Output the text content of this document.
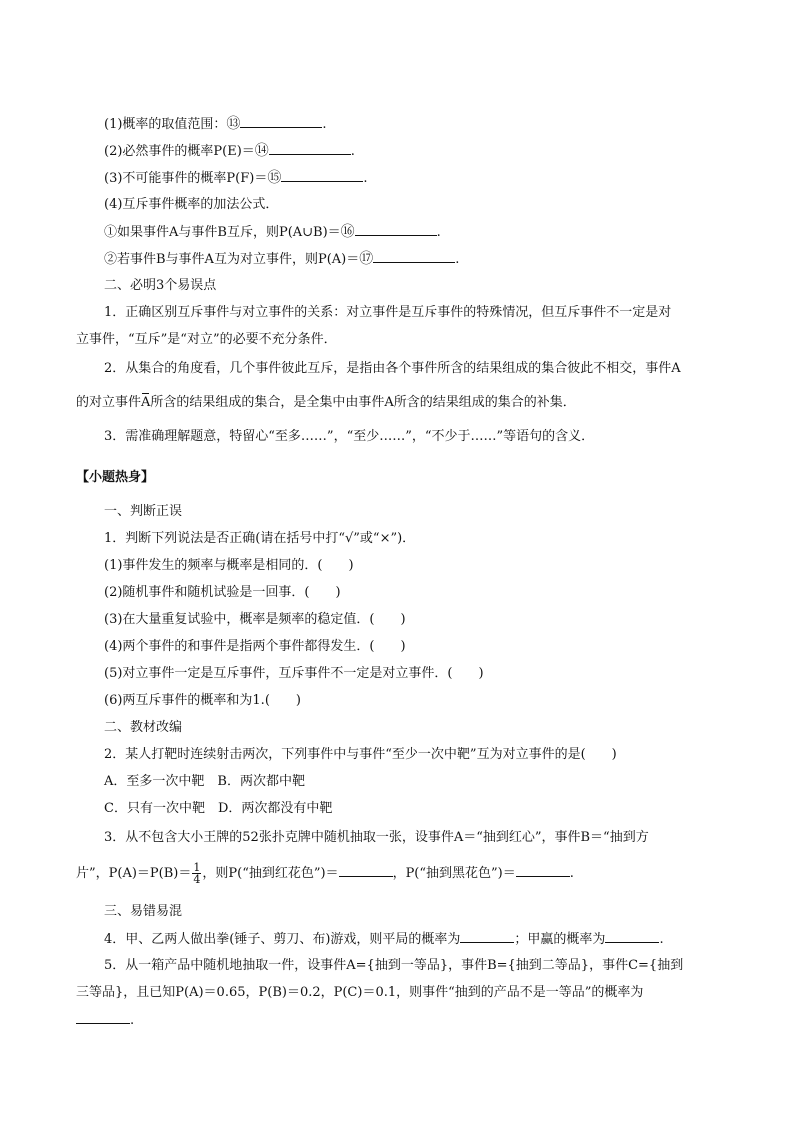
(1)概率的取值范围：⑬	.
(2)必然事件的概率P(E)＝⑭	.
(3)不可能事件的概率P(F)＝⑮	.
(4)互斥事件概率的加法公式．
①如果事件A与事件B互斥，则P(A∪B)＝⑯	.
②若事件B与事件A互为对立事件，则P(A)＝⑰	.
二、必明3个易误点
1．正确区别互斥事件与对立事件的关系：对立事件是互斥事件的特殊情况，但互斥事件不一定是对
立事件，“互斥”是“对立”的必要不充分条件．
2．从集合的角度看，几个事件彼此互斥，是指由各个事件所含的结果组成的集合彼此不相交，事件A
的对立事件A所含的结果组成的集合，是全集中由事件A所含的结果组成的集合的补集．
3．需准确理解题意，特留心“至多……”，“至少……”，“不少于……”等语句的含义．
【小题热身】
一、判断正误
1．判断下列说法是否正确(请在括号中打“√”或“×”)．
(1)事件发生的频率与概率是相同的．(　　)
(2)随机事件和随机试验是一回事．(　　)
(3)在大量重复试验中，概率是频率的稳定值．(　　)
(4)两个事件的和事件是指两个事件都得发生．(　　)
(5)对立事件一定是互斥事件，互斥事件不一定是对立事件．(　　)
(6)两互斥事件的概率和为1.(　　)
二、教材改编
2．某人打靶时连续射击两次，下列事件中与事件“至少一次中靶”互为对立事件的是(　　)
A．至多一次中靶　B．两次都中靶
C．只有一次中靶　D．两次都没有中靶
3．从不包含大小王牌的52张扑克牌中随机抽取一张，设事件A＝“抽到红心”，事件B＝“抽到方
片”，$P(A)=P(B)= \frac{1}{4}$ ，则P(“抽到红花色”)＝	，P(“抽到黑花色”)＝	.
三、易错易混
4．甲、乙两人做出拳(锤子、剪刀、布)游戏，则平局的概率为	；甲赢的概率为	.
5．从一箱产品中随机地抽取一件，设事件A={抽到一等品}，事件B={抽到二等品}，事件C={抽到
三等品}，且已知P(A)＝0.65，P(B)＝0.2，P(C)＝0.1，则事件“抽到的产品不是一等品”的概率为
.
